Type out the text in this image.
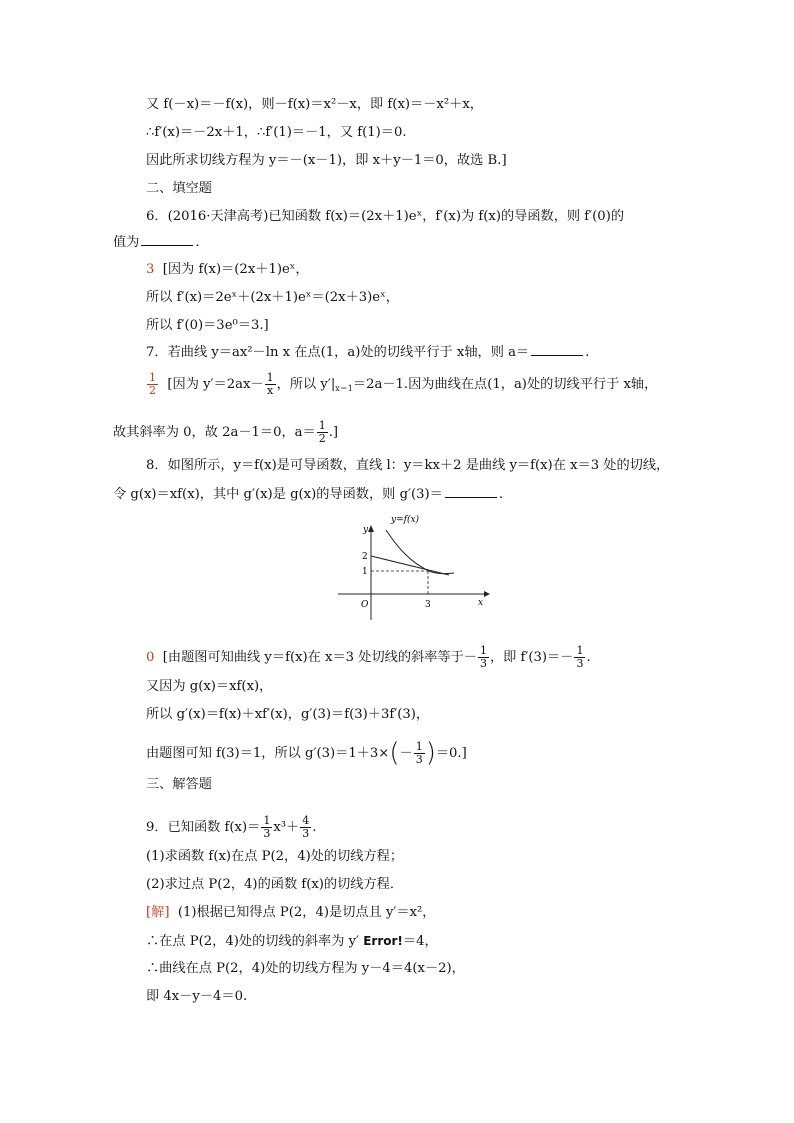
又 f(－x)＝－f(x)，则－f(x)＝x²－x，即 f(x)＝－x²＋x，
∴f′(x)＝－2x＋1，∴f′(1)＝－1，又 f(1)＝0.
因此所求切线方程为 y＝－(x－1)，即 x＋y－1＝0，故选 B.]
二、填空题
6．(2016·天津高考)已知函数 f(x)＝(2x＋1)eˣ，f′(x)为 f(x)的导函数，则 f′(0)的
值为	.
3 [因为 f(x)＝(2x＋1)eˣ，
所以 f′(x)＝2eˣ＋(2x＋1)eˣ＝(2x＋3)eˣ，
所以 f′(0)＝3e⁰＝3.]
7．若曲线 y＝ax²－ln x 在点(1，a)处的切线平行于 x轴，则 a＝	.
$\frac{1}{2}$ [因为 $y'=2ax- \frac{1}{x}$ ，所以 $y'|_{x=1}=2a-1$.因为曲线在点(1，a)处的切线平行于 x轴，
故其斜率为 0，故 2a－1＝0，$a= \frac{1}{2}$ .]
8．如图所示，y＝f(x)是可导函数，直线 l：y＝kx＋2 是曲线 y＝f(x)在 x＝3 处的切线，
令 g(x)＝xf(x)，其中 g′(x)是 g(x)的导函数，则 g′(3)＝	.
y=f(x)
y
x
O
2
1
3
0 [由题图可知曲线 y＝f(x)在 x＝3 处切线的斜率等于－ $\frac{1}{3}$ ，即 $f'(3)=- \frac{1}{3}$ .
又因为 g(x)＝xf(x)，
所以 g′(x)＝f(x)＋xf′(x)，g′(3)＝f(3)＋3f′(3)，
由题图可知 f(3)＝1，所以 $g'(3)=1+3\times(- \frac{1}{3} )=0$.]
三、解答题
9．已知函数 $f(x)= \frac{1}{3} x^3+ \frac{4}{3}$ .
(1)求函数 f(x)在点 P(2，4)处的切线方程；
(2)求过点 P(2，4)的函数 f(x)的切线方程．
[解] (1)根据已知得点 P(2，4)是切点且 y′＝x²，
∴在点 P(2，4)处的切线的斜率为 y′ Error!＝4，
∴曲线在点 P(2，4)处的切线方程为 y－4＝4(x－2)，
即 4x－y－4＝0.
